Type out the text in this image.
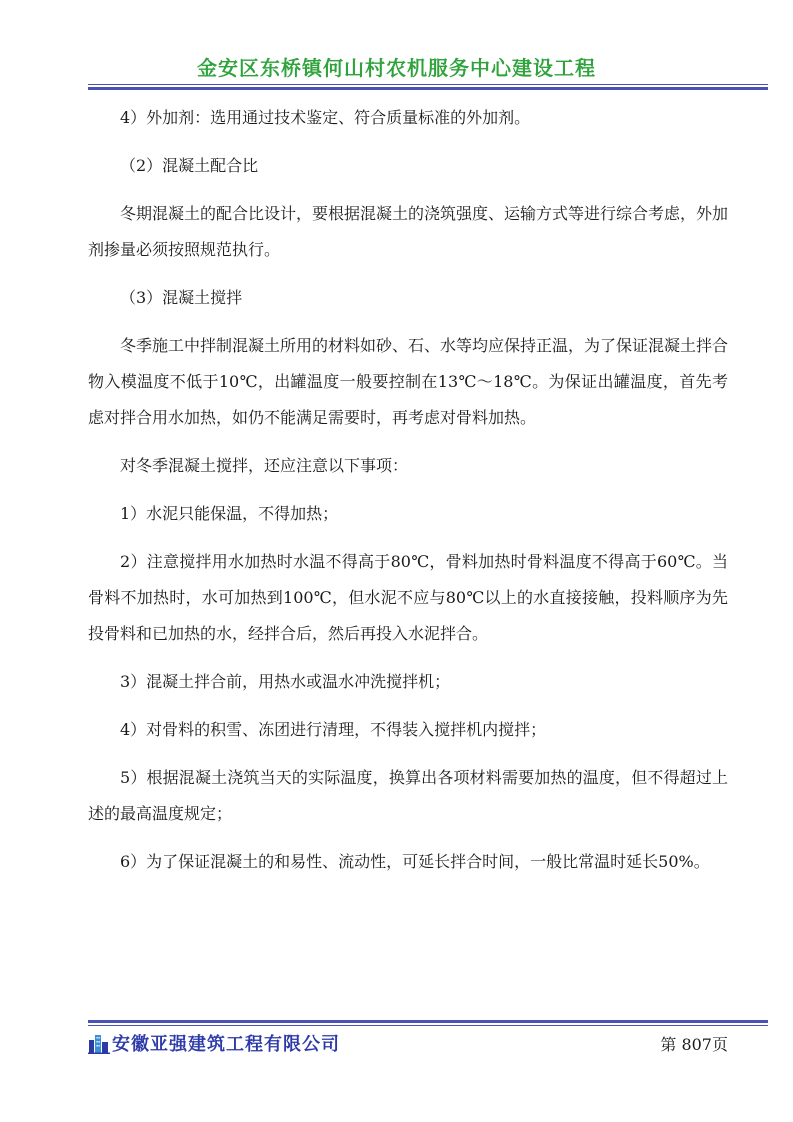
金安区东桥镇何山村农机服务中心建设工程

4）外加剂：选用通过技术鉴定、符合质量标准的外加剂。

（2）混凝土配合比

冬期混凝土的配合比设计，要根据混凝土的浇筑强度、运输方式等进行综合考虑，外加剂掺量必须按照规范执行。

（3）混凝土搅拌

冬季施工中拌制混凝土所用的材料如砂、石、水等均应保持正温，为了保证混凝土拌合物入模温度不低于10℃，出罐温度一般要控制在13℃～18℃。为保证出罐温度，首先考虑对拌合用水加热，如仍不能满足需要时，再考虑对骨料加热。

对冬季混凝土搅拌，还应注意以下事项：

1）水泥只能保温，不得加热；

2）注意搅拌用水加热时水温不得高于80℃，骨料加热时骨料温度不得高于60℃。当骨料不加热时，水可加热到100℃，但水泥不应与80℃以上的水直接接触，投料顺序为先投骨料和已加热的水，经拌合后，然后再投入水泥拌合。

3）混凝土拌合前，用热水或温水冲洗搅拌机；

4）对骨料的积雪、冻团进行清理，不得装入搅拌机内搅拌；

5）根据混凝土浇筑当天的实际温度，换算出各项材料需要加热的温度，但不得超过上述的最高温度规定；

6）为了保证混凝土的和易性、流动性，可延长拌合时间，一般比常温时延长50%。

安徽亚强建筑工程有限公司	第 807页
